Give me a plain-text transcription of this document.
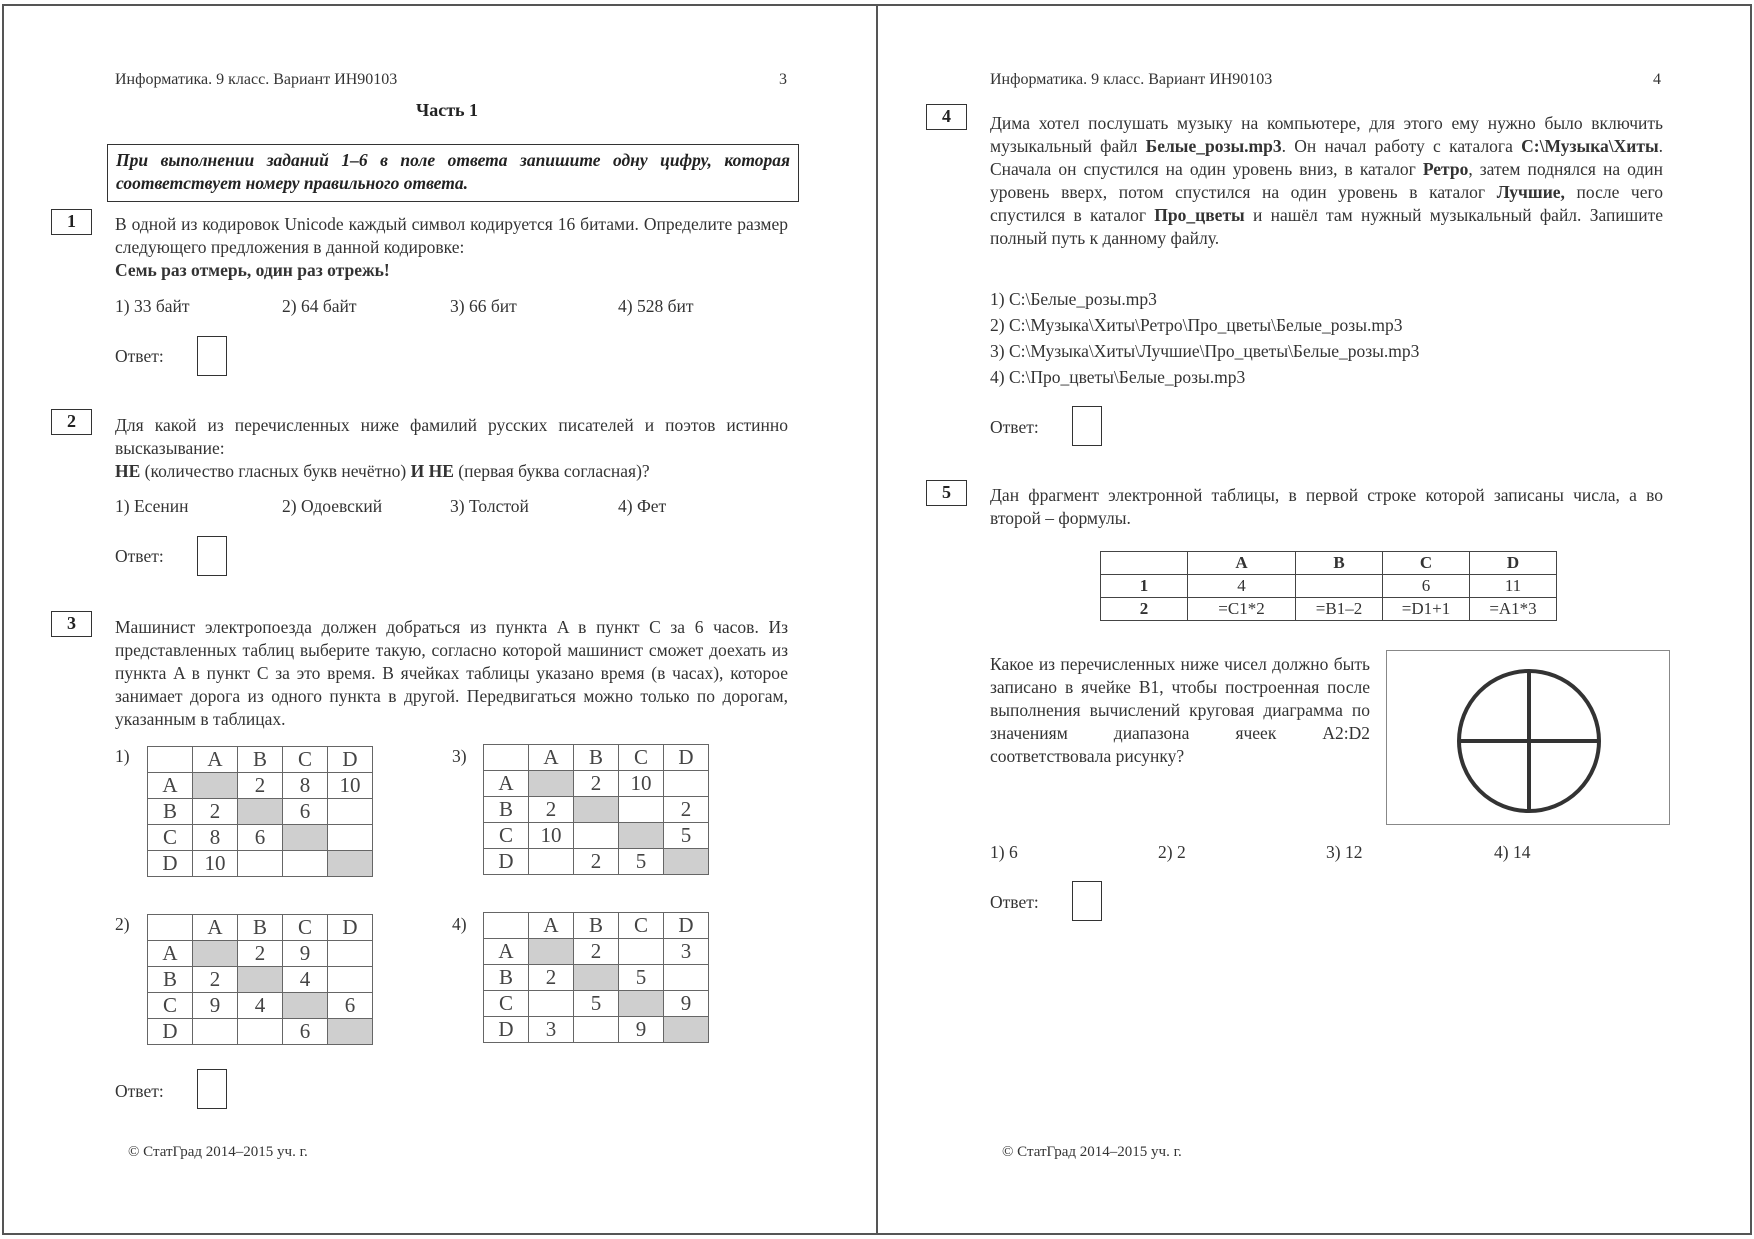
Информатика. 9 класс. Вариант ИН90103	3
Часть 1
При выполнении заданий 1–6 в поле ответа запишите одну цифру, которая соответствует номеру правильного ответа.
1	В одной из кодировок Unicode каждый символ кодируется 16 битами. Определите размер следующего предложения в данной кодировке:
Семь раз отмерь, один раз отрежь!
1) 33 байт	2) 64 байт	3) 66 бит	4) 528 бит
Ответ:
2	Для какой из перечисленных ниже фамилий русских писателей и поэтов истинно высказывание:
НЕ (количество гласных букв нечётно) И НЕ (первая буква согласная)?
1) Есенин	2) Одоевский	3) Толстой	4) Фет
Ответ:
3	Машинист электропоезда должен добраться из пункта A в пункт C за 6 часов. Из представленных таблиц выберите такую, согласно которой машинист сможет доехать из пункта A в пункт C за это время. В ячейках таблицы указано время (в часах), которое занимает дорога из одного пункта в другой. Передвигаться можно только по дорогам, указанным в таблицах.
1)
		A	B	C	D
A		2	8	10
B	2		6	
C	8	6		
D	10			
3)
		A	B	C	D
A		2	10	
B	2			2
C	10			5
D		2	5	
2)
		A	B	C	D
A		2	9	
B	2		4	
C	9	4		6
D			6	
4)
		A	B	C	D
A		2		3
B	2		5	
C		5		9
D	3		9	
Ответ:
© СтатГрад 2014–2015 уч. г.
Информатика. 9 класс. Вариант ИН90103	4
4	Дима хотел послушать музыку на компьютере, для этого ему нужно было включить музыкальный файл Белые_розы.mp3. Он начал работу с каталога С:\Музыка\Хиты. Сначала он спустился на один уровень вниз, в каталог Ретро, затем поднялся на один уровень вверх, потом спустился на один уровень в каталог Лучшие, после чего спустился в каталог Про_цветы и нашёл там нужный музыкальный файл. Запишите полный путь к данному файлу.
1) С:\Белые_розы.mp3
2) С:\Музыка\Хиты\Ретро\Про_цветы\Белые_розы.mp3
3) С:\Музыка\Хиты\Лучшие\Про_цветы\Белые_розы.mp3
4) С:\Про_цветы\Белые_розы.mp3
Ответ:
5	Дан фрагмент электронной таблицы, в первой строке которой записаны числа, а во второй – формулы.
	A	B	C	D
1	4		6	11
2	=C1*2	=B1–2	=D1+1	=A1*3
Какое из перечисленных ниже чисел должно быть записано в ячейке B1, чтобы построенная после выполнения вычислений круговая диаграмма по значениям диапазона ячеек A2:D2 соответствовала рисунку?
1) 6	2) 2	3) 12	4) 14
Ответ:
© СтатГрад 2014–2015 уч. г.
